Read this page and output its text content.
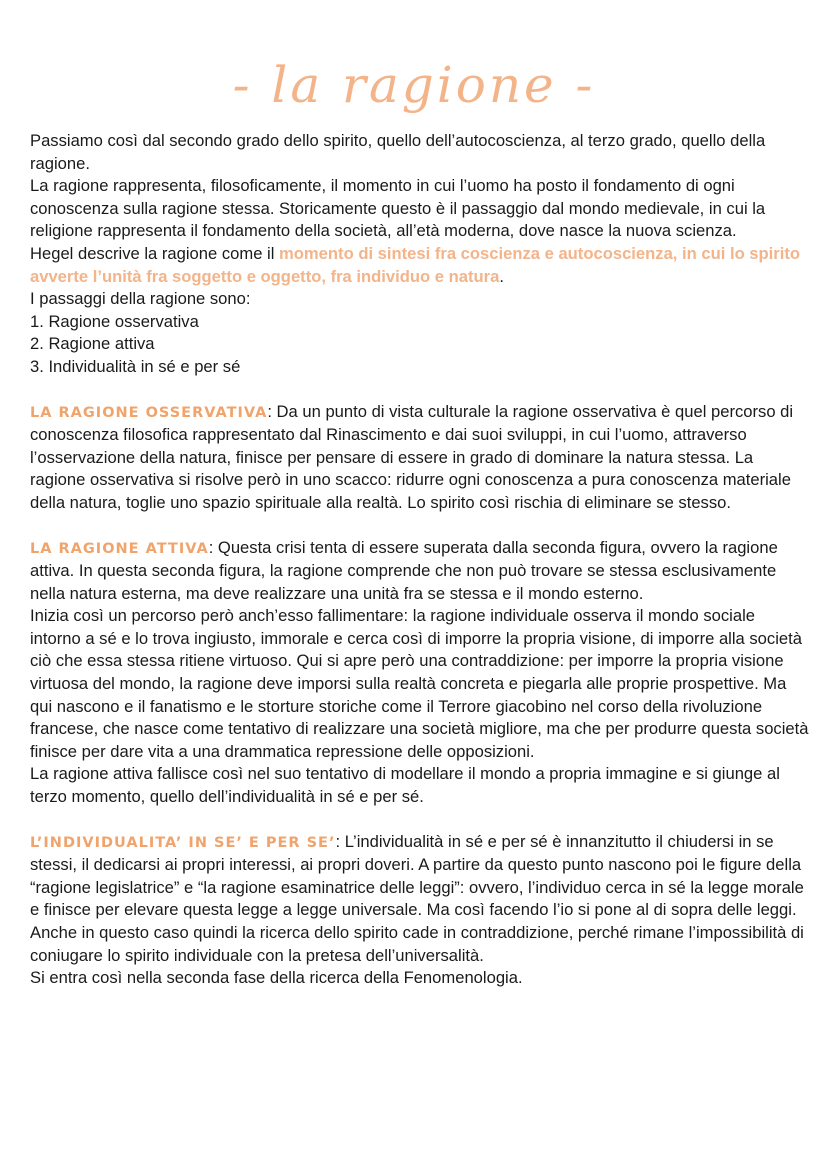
- la ragione -

Passiamo così dal secondo grado dello spirito, quello dell’autocoscienza, al terzo grado, quello della ragione.

La ragione rappresenta, filosoficamente, il momento in cui l’uomo ha posto il fondamento di ogni conoscenza sulla ragione stessa. Storicamente questo è il passaggio dal mondo medievale, in cui la religione rappresenta il fondamento della società, all’età moderna, dove nasce la nuova scienza.

Hegel descrive la ragione come il momento di sintesi fra coscienza e autocoscienza, in cui lo spirito avverte l’unità fra soggetto e oggetto, fra individuo e natura.

I passaggi della ragione sono:

1. Ragione osservativa
2. Ragione attiva
3. Individualità in sé e per sé

LA RAGIONE OSSERVATIVA: Da un punto di vista culturale la ragione osservativa è quel percorso di conoscenza filosofica rappresentato dal Rinascimento e dai suoi sviluppi, in cui l’uomo, attraverso l’osservazione della natura, finisce per pensare di essere in grado di dominare la natura stessa. La ragione osservativa si risolve però in uno scacco: ridurre ogni conoscenza a pura conoscenza materiale della natura, toglie uno spazio spirituale alla realtà. Lo spirito così rischia di eliminare se stesso.

LA RAGIONE ATTIVA: Questa crisi tenta di essere superata dalla seconda figura, ovvero la ragione attiva. In questa seconda figura, la ragione comprende che non può trovare se stessa esclusivamente nella natura esterna, ma deve realizzare una unità fra se stessa e il mondo esterno.

Inizia così un percorso però anch’esso fallimentare: la ragione individuale osserva il mondo sociale intorno a sé e lo trova ingiusto, immorale e cerca così di imporre la propria visione, di imporre alla società ciò che essa stessa ritiene virtuoso. Qui si apre però una contraddizione: per imporre la propria visione virtuosa del mondo, la ragione deve imporsi sulla realtà concreta e piegarla alle proprie prospettive. Ma qui nascono e il fanatismo e le storture storiche come il Terrore giacobino nel corso della rivoluzione francese, che nasce come tentativo di realizzare una società migliore, ma che per produrre questa società finisce per dare vita a una drammatica repressione delle opposizioni.

La ragione attiva fallisce così nel suo tentativo di modellare il mondo a propria immagine e si giunge al terzo momento, quello dell’individualità in sé e per sé.

L’INDIVIDUALITA’ IN SE’ E PER SE’: L’individualità in sé e per sé è innanzitutto il chiudersi in se stessi, il dedicarsi ai propri interessi, ai propri doveri. A partire da questo punto nascono poi le figure della “ragione legislatrice” e “la ragione esaminatrice delle leggi”: ovvero, l’individuo cerca in sé la legge morale e finisce per elevare questa legge a legge universale. Ma così facendo l’io si pone al di sopra delle leggi. Anche in questo caso quindi la ricerca dello spirito cade in contraddizione, perché rimane l’impossibilità di coniugare lo spirito individuale con la pretesa dell’universalità.

Si entra così nella seconda fase della ricerca della Fenomenologia.
